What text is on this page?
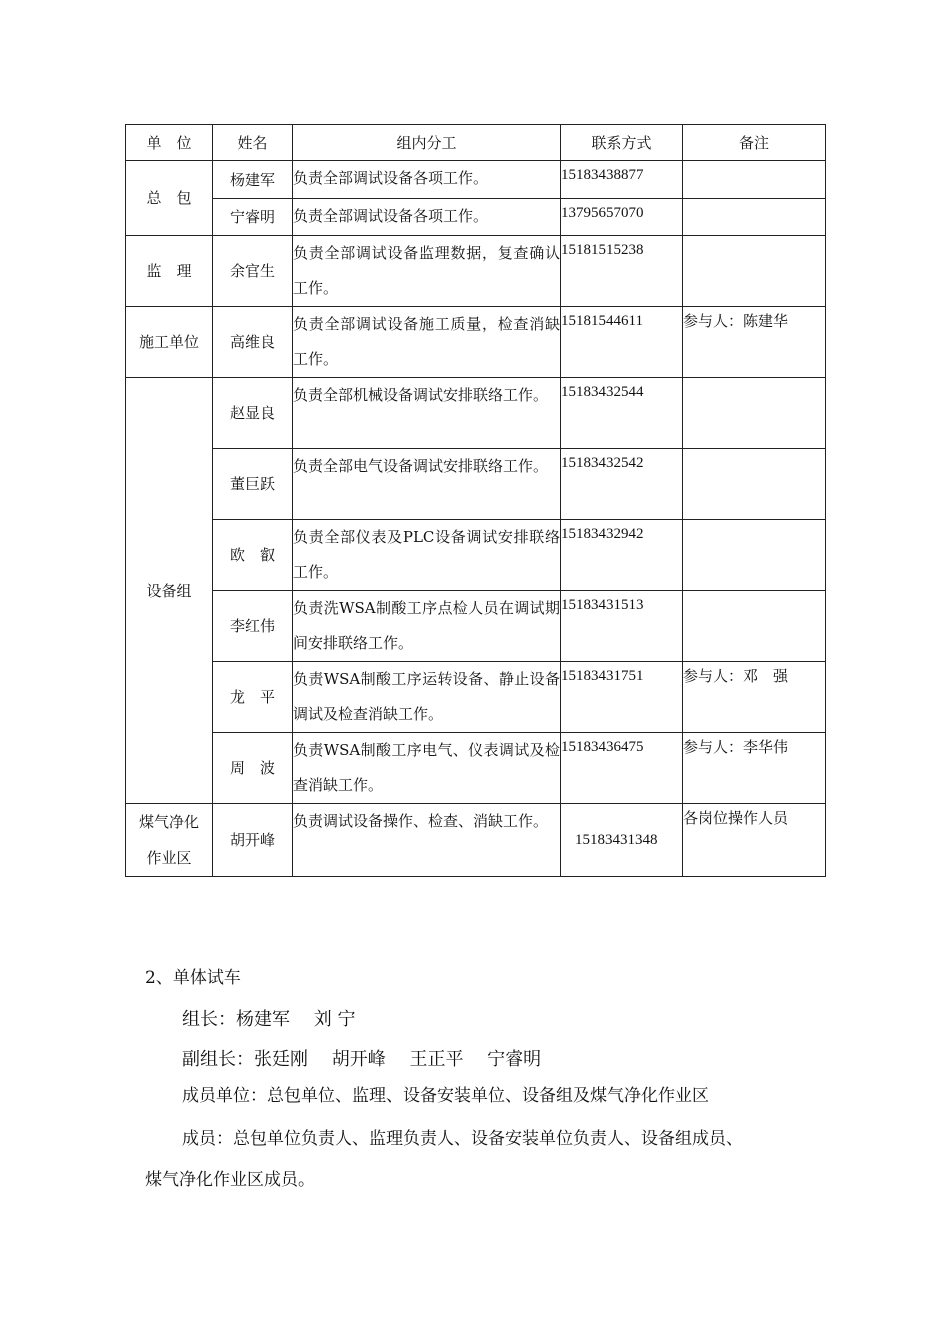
单　位	姓名	组内分工	联系方式	备注
总　包	杨建军	负责全部调试设备各项工作。	15183438877	
	宁睿明	负责全部调试设备各项工作。	13795657070	
监　理	余官生	负责全部调试设备监理数据，复查确认工作。	15181515238	
施工单位	高维良	负责全部调试设备施工质量，检查消缺工作。	15181544611	参与人：陈建华
设备组	赵显良	负责全部机械设备调试安排联络工作。	15183432544	
	董巨跃	负责全部电气设备调试安排联络工作。	15183432542	
	欧　叡	负责全部仪表及PLC设备调试安排联络工作。	15183432942	
	李红伟	负责洗WSA制酸工序点检人员在调试期间安排联络工作。	15183431513	
	龙　平	负责WSA制酸工序运转设备、静止设备调试及检查消缺工作。	15183431751	参与人：邓　强
	周　波	负责WSA制酸工序电气、仪表调试及检查消缺工作。	15183436475	参与人：李华伟

煤气净化作业区	胡开峰	负责调试设备操作、检查、消缺工作。	15183431348	各岗位操作人员
2、单体试车
组长：杨建军　 刘 宁
副组长：张廷刚　 胡开峰　 王正平　 宁睿明
成员单位：总包单位、监理、设备安装单位、设备组及煤气净化作业区
成员：总包单位负责人、监理负责人、设备安装单位负责人、设备组成员、
煤气净化作业区成员。
